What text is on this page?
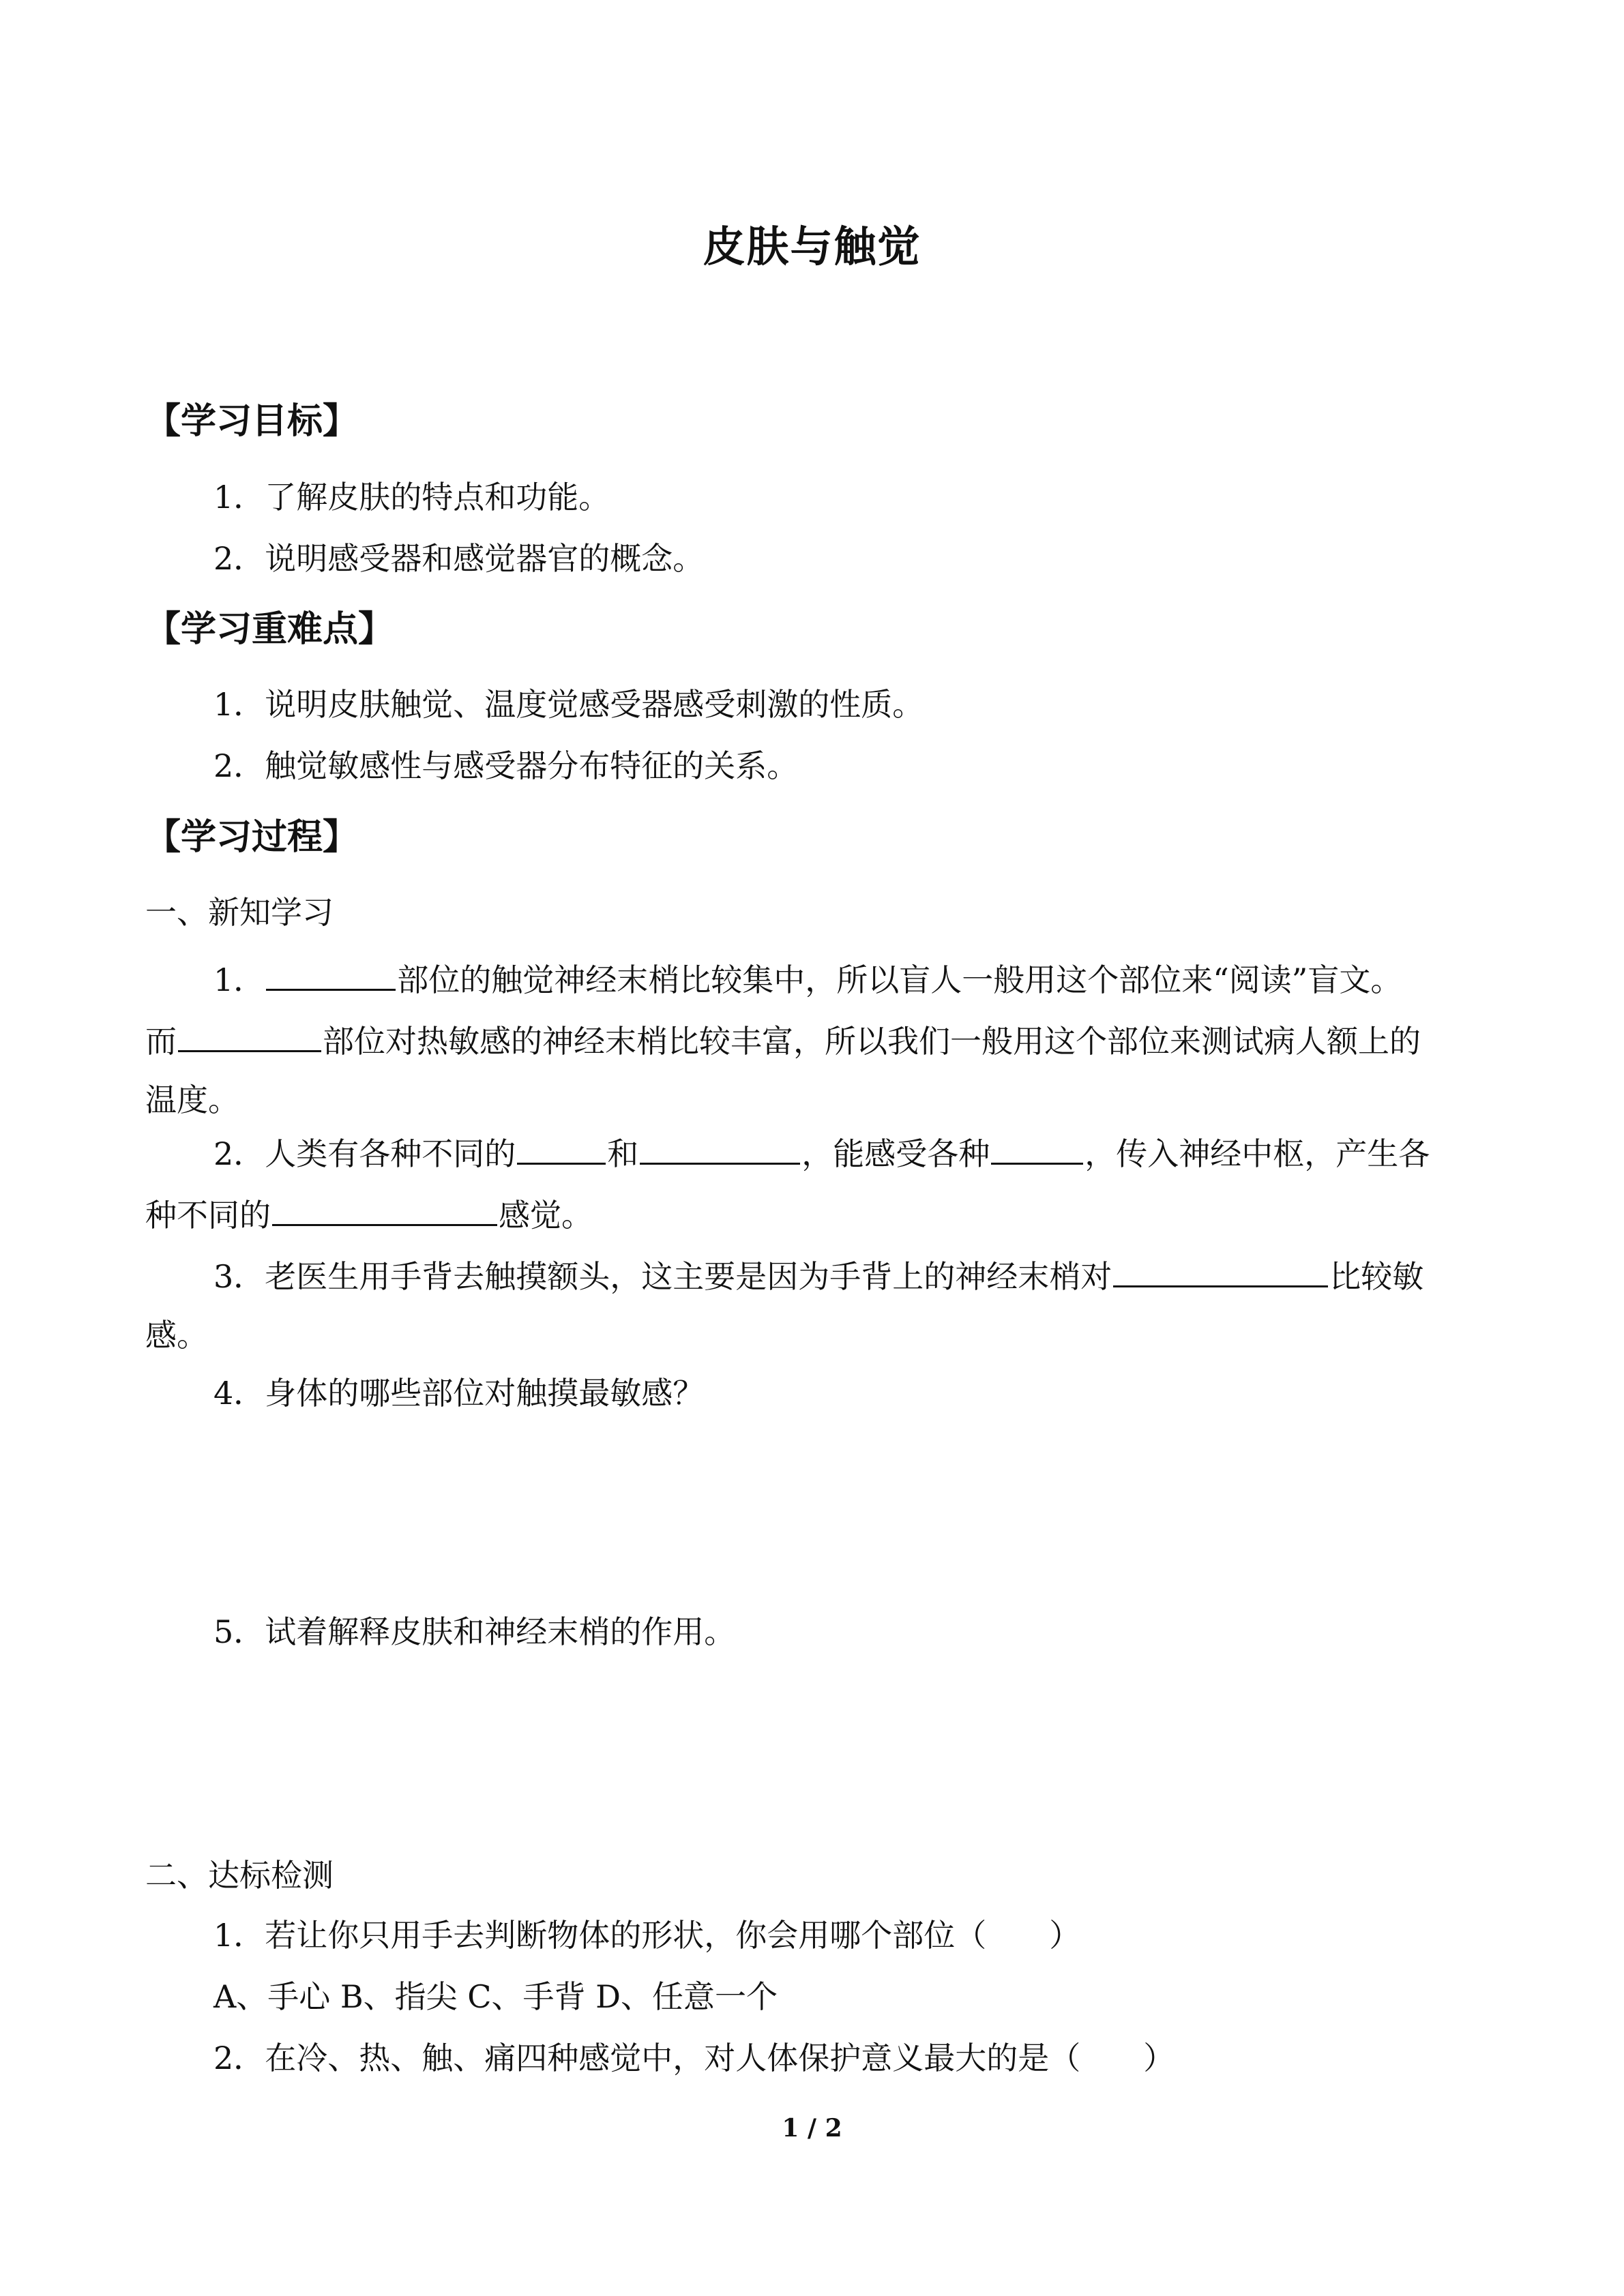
皮肤与触觉
【学习目标】
1．了解皮肤的特点和功能。
2．说明感受器和感觉器官的概念。
【学习重难点】
1．说明皮肤触觉、温度觉感受器感受刺激的性质。
2．触觉敏感性与感受器分布特征的关系。
【学习过程】
一、新知学习
1．	部位的触觉神经末梢比较集中，所以盲人一般用这个部位来“阅读”盲文。
而	部位对热敏感的神经末梢比较丰富，所以我们一般用这个部位来测试病人额上的
温度。
2．人类有各种不同的	和	，能感受各种	，传入神经中枢，产生各
种不同的	感觉。
3．老医生用手背去触摸额头，这主要是因为手背上的神经末梢对	比较敏
感。
4．身体的哪些部位对触摸最敏感？
5．试着解释皮肤和神经末梢的作用。
二、达标检测
1．若让你只用手去判断物体的形状，你会用哪个部位（　　）
A、手心 B、指尖 C、手背 D、任意一个
2．在冷、热、触、痛四种感觉中，对人体保护意义最大的是（　　）
1 / 2
